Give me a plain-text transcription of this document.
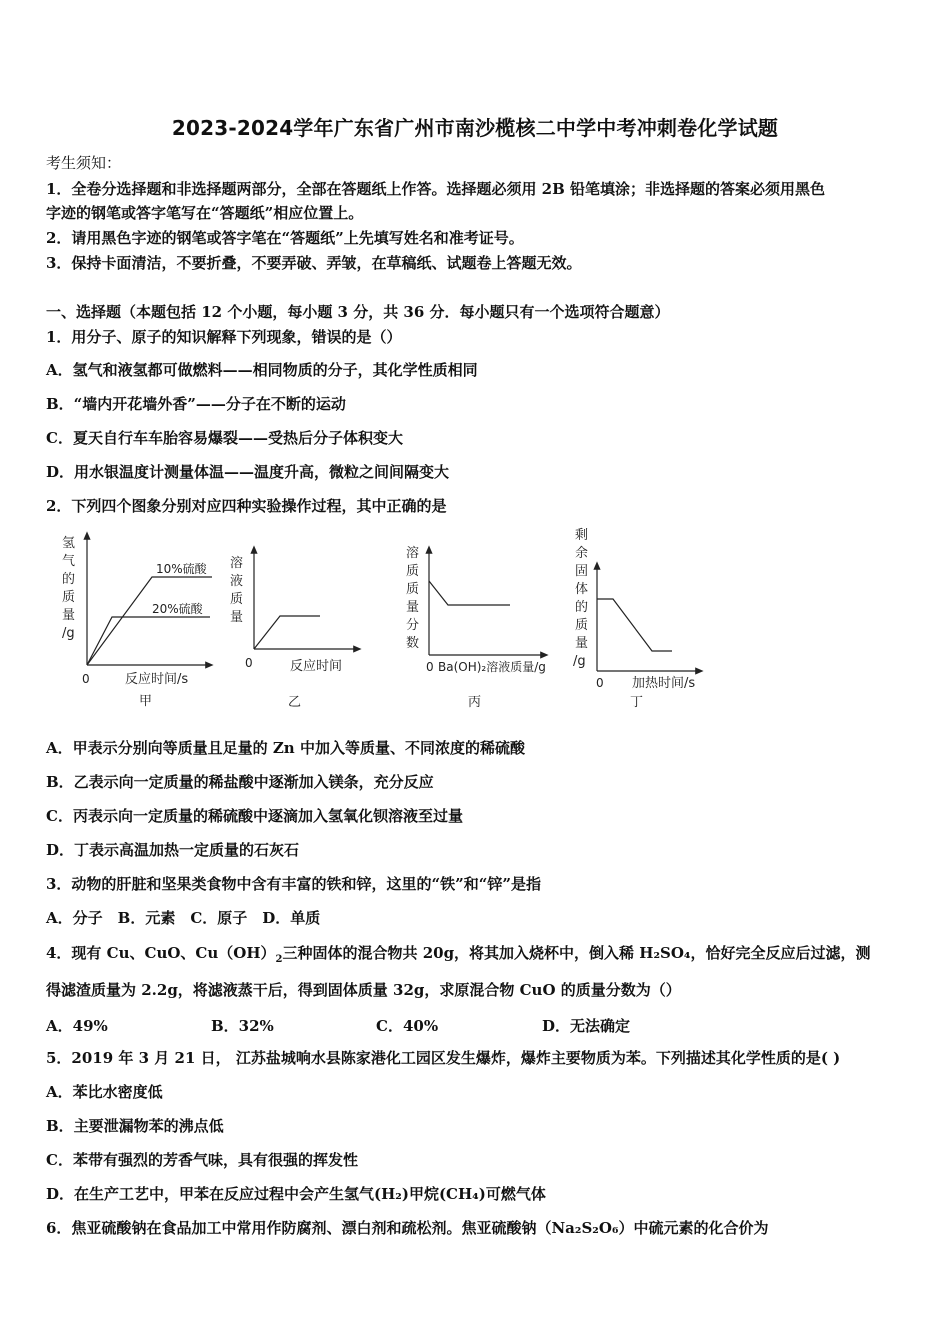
2023-2024学年广东省广州市南沙榄核二中学中考冲刺卷化学试题
考生须知：
1．全卷分选择题和非选择题两部分，全部在答题纸上作答。选择题必须用 2B 铅笔填涂；非选择题的答案必须用黑色
字迹的钢笔或答字笔写在“答题纸”相应位置上。
2．请用黑色字迹的钢笔或答字笔在“答题纸”上先填写姓名和准考证号。
3．保持卡面清洁，不要折叠，不要弄破、弄皱，在草稿纸、试题卷上答题无效。
一、选择题（本题包括 12 个小题，每小题 3 分，共 36 分．每小题只有一个选项符合题意）
1．用分子、原子的知识解释下列现象，错误的是（）
A．氢气和液氢都可做燃料——相同物质的分子，其化学性质相同
B．“墙内开花墙外香”——分子在不断的运动
C．夏天自行车车胎容易爆裂——受热后分子体积变大
D．用水银温度计测量体温——温度升高，微粒之间间隔变大
2．下列四个图象分别对应四种实验操作过程，其中正确的是
氢 气 的 质 量 /g
10%硫酸
20%硫酸
0	反应时间/s
甲
溶 液 质 量
0	反应时间
乙
溶 质 质 量 分 数
0 Ba(OH)₂溶液质量/g
丙
剩 余 固 体 的 质 量 /g
0 加热时间/s
丁
A．甲表示分别向等质量且足量的 Zn 中加入等质量、不同浓度的稀硫酸
B．乙表示向一定质量的稀盐酸中逐渐加入镁条，充分反应
C．丙表示向一定质量的稀硫酸中逐滴加入氢氧化钡溶液至过量
D．丁表示高温加热一定质量的石灰石
3．动物的肝脏和坚果类食物中含有丰富的铁和锌，这里的“铁”和“锌”是指
A．分子　B．元素　C．原子　D．单质
4．现有 Cu、CuO、$Cu(OH)_2$三种固体的混合物共 20g，将其加入烧杯中，倒入稀 H₂SO₄，恰好完全反应后过滤，测
得滤渣质量为 2.2g，将滤液蒸干后，得到固体质量 32g，求原混合物 CuO 的质量分数为（）
A．49%	B．32%	C．40%	D．无法确定
5．2019 年 3 月 21 日， 江苏盐城响水县陈家港化工园区发生爆炸，爆炸主要物质为苯。下列描述其化学性质的是( )
A．苯比水密度低
B．主要泄漏物苯的沸点低
C．苯带有强烈的芳香气味，具有很强的挥发性
D．在生产工艺中，甲苯在反应过程中会产生氢气(H₂)甲烷(CH₄)可燃气体
6．焦亚硫酸钠在食品加工中常用作防腐剂、漂白剂和疏松剂。焦亚硫酸钠（Na₂S₂O₆）中硫元素的化合价为
